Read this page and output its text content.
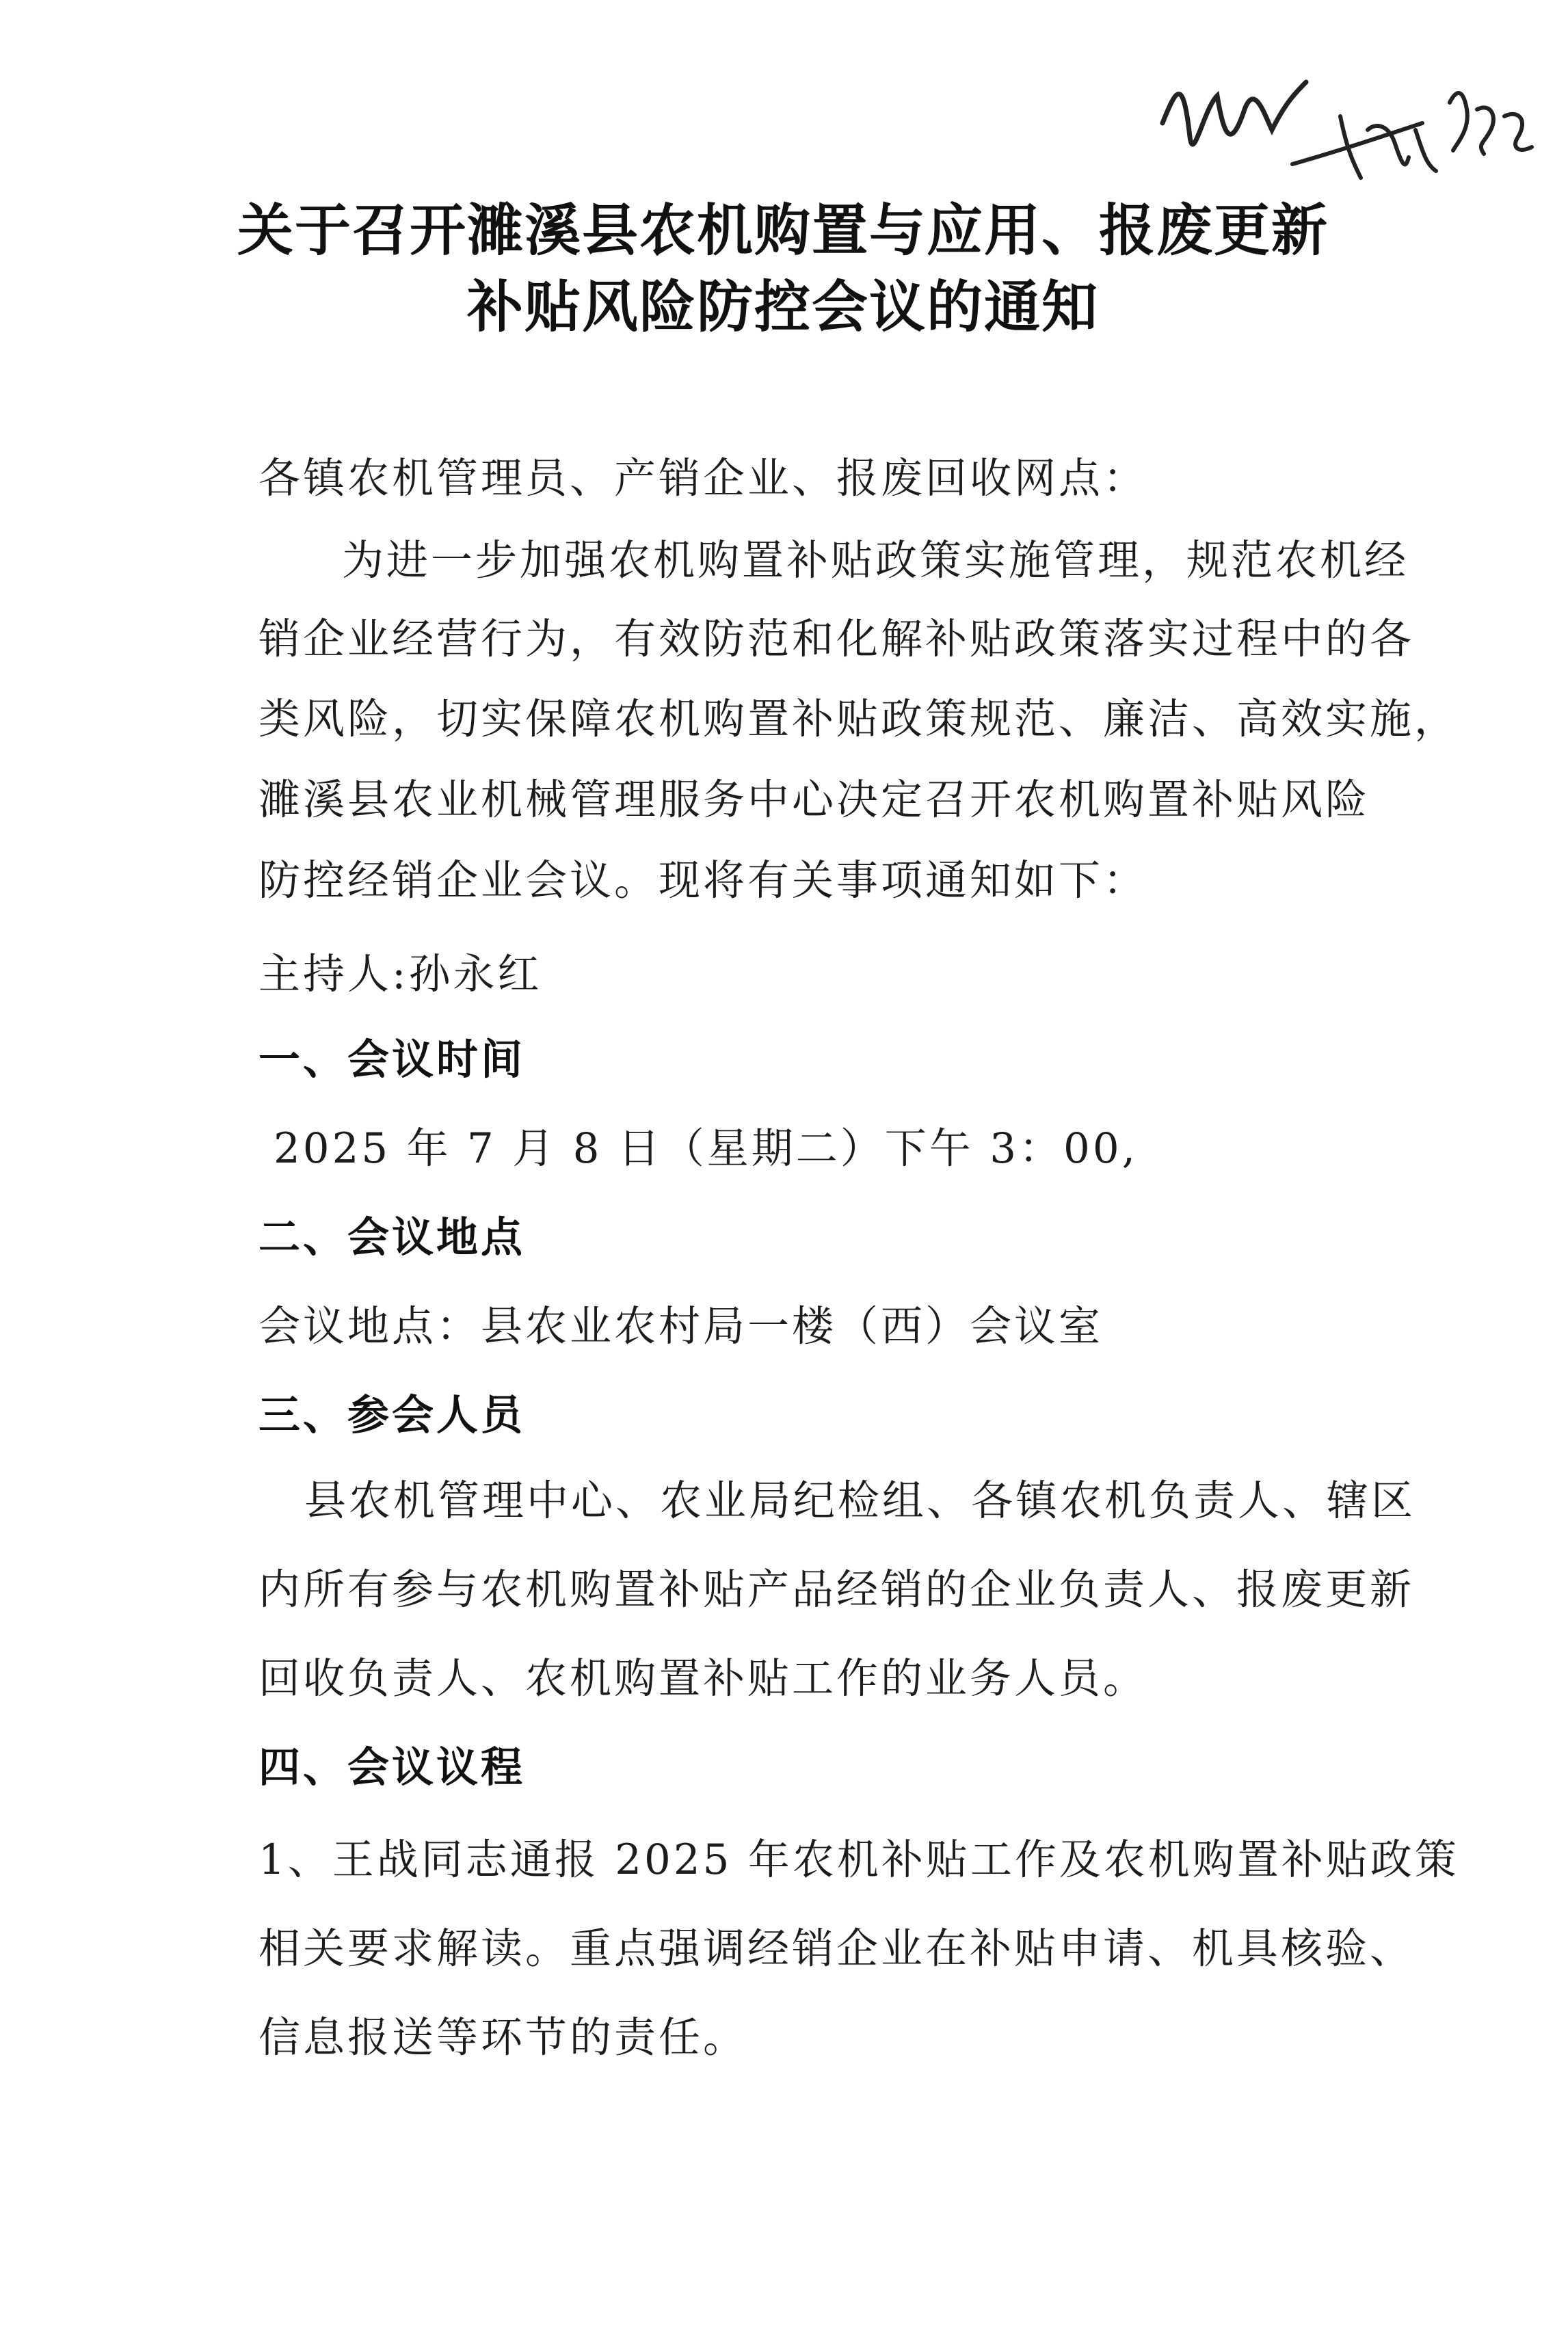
关于召开濉溪县农机购置与应用、报废更新
补贴风险防控会议的通知
各镇农机管理员、产销企业、报废回收网点：
为进一步加强农机购置补贴政策实施管理，规范农机经
销企业经营行为，有效防范和化解补贴政策落实过程中的各
类风险，切实保障农机购置补贴政策规范、廉洁、高效实施，
濉溪县农业机械管理服务中心决定召开农机购置补贴风险
防控经销企业会议。现将有关事项通知如下：
主持人:孙永红
一、会议时间
2025 年 7 月 8 日（星期二）下午 3：00,
二、会议地点
会议地点：县农业农村局一楼（西）会议室
三、参会人员
县农机管理中心、农业局纪检组、各镇农机负责人、辖区
内所有参与农机购置补贴产品经销的企业负责人、报废更新
回收负责人、农机购置补贴工作的业务人员。
四、会议议程
1、王战同志通报 2025 年农机补贴工作及农机购置补贴政策
相关要求解读。重点强调经销企业在补贴申请、机具核验、
信息报送等环节的责任。
